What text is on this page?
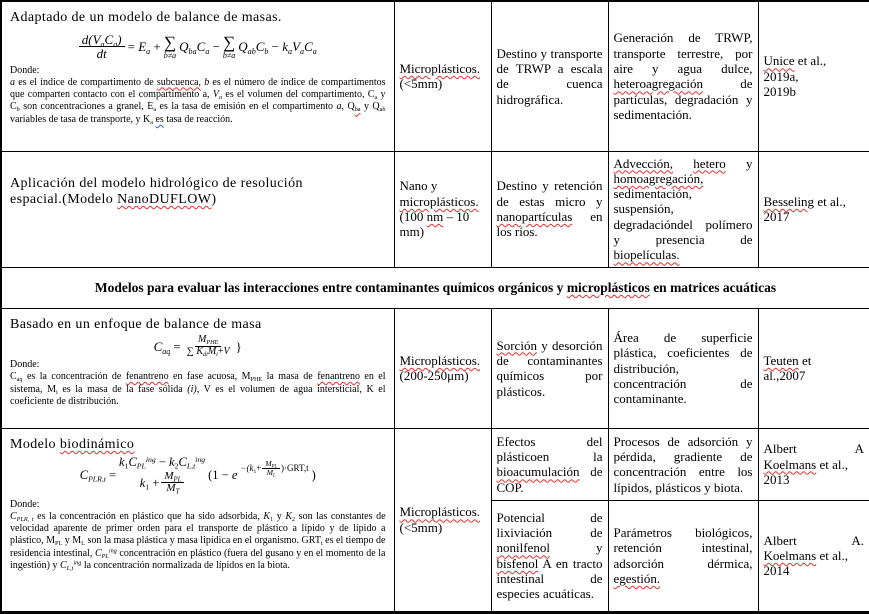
Adaptado de un modelo de balance de masas.
$\frac{d(V_aC_a)}{dt} = E_a$ + ∑
b≠a
$Q_{ba}C_a$ − ∑
b≠a
$Q_{ab}C_b - k_aV_aC_a$
Donde:
a es el índice de compartimento de subcuenca, b es el número de índice de compartimentos que comparten contacto con el compartimento a, $V_a$ es el volumen del compartimento, $C_a$ y $C_b$ son concentraciones a granel, $E_a$ es la tasa de emisión en el compartimento a, $Q_{ba}$ y $Q_{ab}$ variables de tasa de transporte, y $K_a$ es tasa de reacción.
	Microplásticos.
(<5mm)	Destino y transporte de TRWP a escala de cuenca hidrográfica.	Generación de TRWP, transporte terrestre, por aire y agua dulce, heteroagregación de partículas, degradación y sedimentación.	Unice et al.,
2019a,
2019b

Aplicación del modelo hidrológico de resolución espacial.(Modelo NanoDUFLOW)	Nano y
microplásticos.
(100 nm – 10 mm)	Destino y retención de estas micro y nanopartículas en los ríos.	Advección, hetero y homoagregación, sedimentación, suspensión, degradacióndel polímero y presencia de biopelículas.	Besseling et al.,
2017
Modelos para evaluar las interacciones entre contaminantes químicos orgánicos y microplásticos en matrices acuáticas				

Basado en un enfoque de balance de masa
$C_{aq} = \frac{M_{PHE}}{\sum K_{di}M_i+V}$ }
Donde:
$C_{aq}$ es la concentración de fenantreno en fase acuosa, $M_{PHE}$ la masa de fenantreno en el sistema, $M_i$ es la masa de la fase sólida (i), V es el volumen de agua intersticial, K el coeficiente de distribución.
	Microplásticos.
(200-250μm)	Sorción y desorción de contaminantes químicos por plásticos.	Área de superficie plástica, coeficientes de distribución, concentración de contaminante.	Teuten et
al.,2007

Modelo biodinámico
$C_{PLR,t}$ =
$k_1C_{PL}^{ing} - k_2C_{L,t}^{ing}$
$k_1 + \frac{M_{PL}}{M_T} (1 - e -(k_1+ \frac{M_{PL}}{M_L} )\cdot GRT,t$ )
Donde:
$C_{PLR, t}$ es la concentración en plástico que ha sido adsorbida, $K_1$ y $K_2$ son las constantes de velocidad aparente de primer orden para el transporte de plástico a lípido y de lípido a plástico, $M_{PL}$ y $M_L$ son la masa plástica y masa lipídica en el organismo. $GRT_t$ es el tiempo de residencia intestinal, $C_{PL}^{ing}$ concentración en plástico (fuera del gusano y en el momento de la ingestión) y $C_{L,t}^{ing}$ la concentración normalizada de lípidos en la biota.
	Microplásticos.
(<5mm)	Efectos del plásticoen la bioacumulación de COP.	Procesos de adsorción y pérdida, gradiente de concentración entre los lípidos, plásticos y biota.	Albert AKoelmans et al.,
2013
		Potencial de lixiviación de nonilfenol y bisfenol A en tracto intestinal de especies acuáticas.	Parámetros biológicos, retención intestinal, adsorción dérmica, egestión.	Albert A.Koelmans et al.,
2014
